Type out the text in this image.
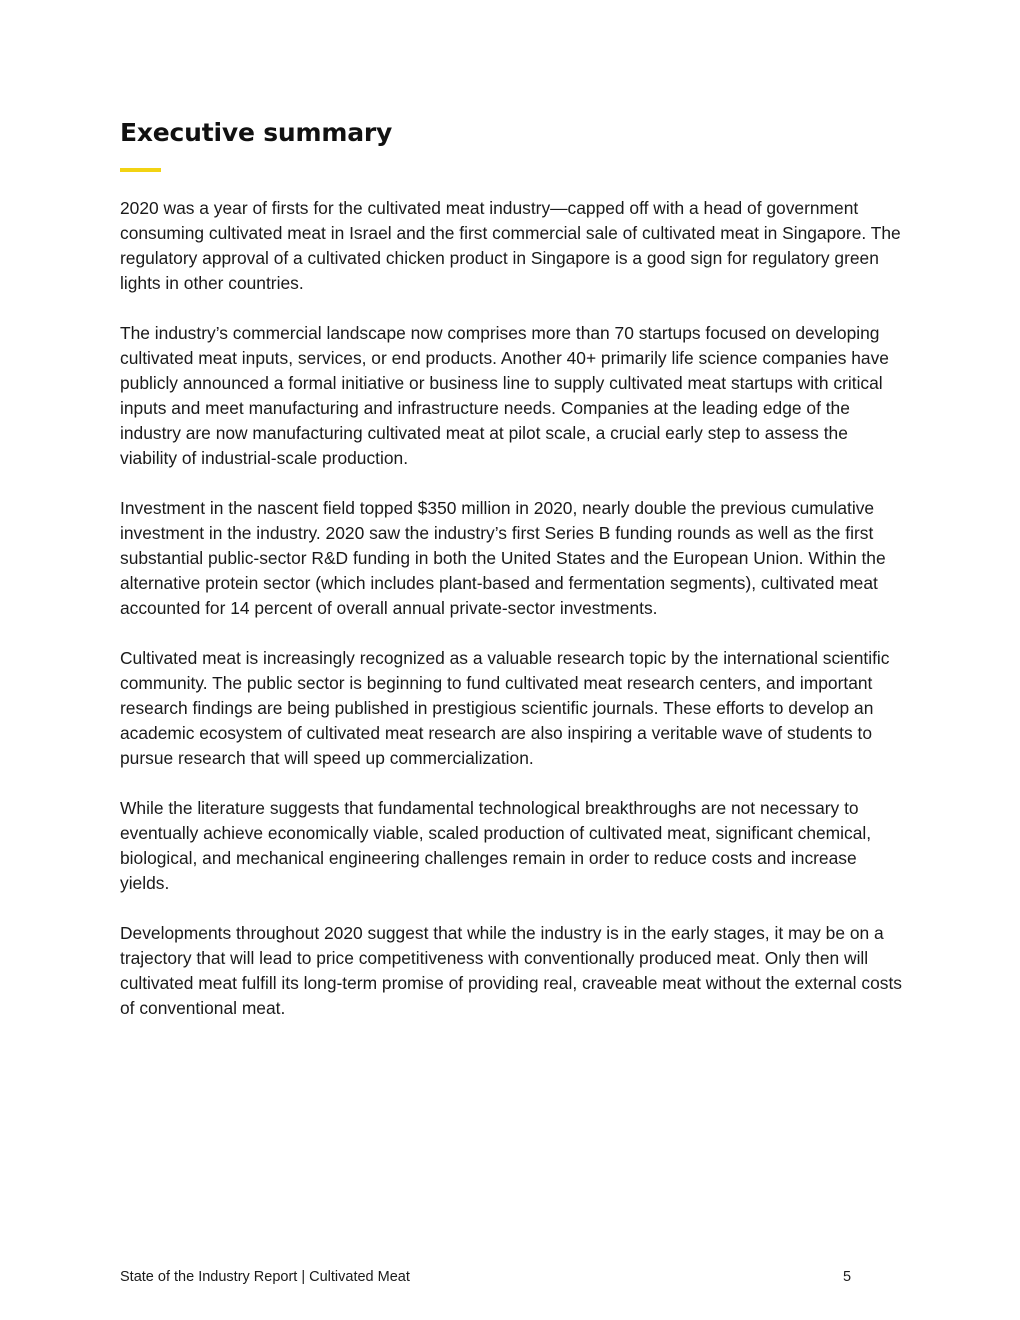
Executive summary

2020 was a year of firsts for the cultivated meat industry—capped off with a head of government consuming cultivated meat in Israel and the first commercial sale of cultivated meat in Singapore. The regulatory approval of a cultivated chicken product in Singapore is a good sign for regulatory green lights in other countries.

The industry’s commercial landscape now comprises more than 70 startups focused on developing cultivated meat inputs, services, or end products. Another 40+ primarily life science companies have publicly announced a formal initiative or business line to supply cultivated meat startups with critical inputs and meet manufacturing and infrastructure needs. Companies at the leading edge of the industry are now manufacturing cultivated meat at pilot scale, a crucial early step to assess the viability of industrial-scale production.

Investment in the nascent field topped $350 million in 2020, nearly double the previous cumulative investment in the industry. 2020 saw the industry’s first Series B funding rounds as well as the first substantial public-sector R&D funding in both the United States and the European Union. Within the alternative protein sector (which includes plant-based and fermentation segments), cultivated meat accounted for 14 percent of overall annual private-sector investments.

Cultivated meat is increasingly recognized as a valuable research topic by the international scientific community. The public sector is beginning to fund cultivated meat research centers, and important research findings are being published in prestigious scientific journals. These efforts to develop an academic ecosystem of cultivated meat research are also inspiring a veritable wave of students to pursue research that will speed up commercialization.

While the literature suggests that fundamental technological breakthroughs are not necessary to eventually achieve economically viable, scaled production of cultivated meat, significant chemical, biological, and mechanical engineering challenges remain in order to reduce costs and increase yields.

Developments throughout 2020 suggest that while the industry is in the early stages, it may be on a trajectory that will lead to price competitiveness with conventionally produced meat. Only then will cultivated meat fulfill its long-term promise of providing real, craveable meat without the external costs of conventional meat.

State of the Industry Report | Cultivated Meat	5
